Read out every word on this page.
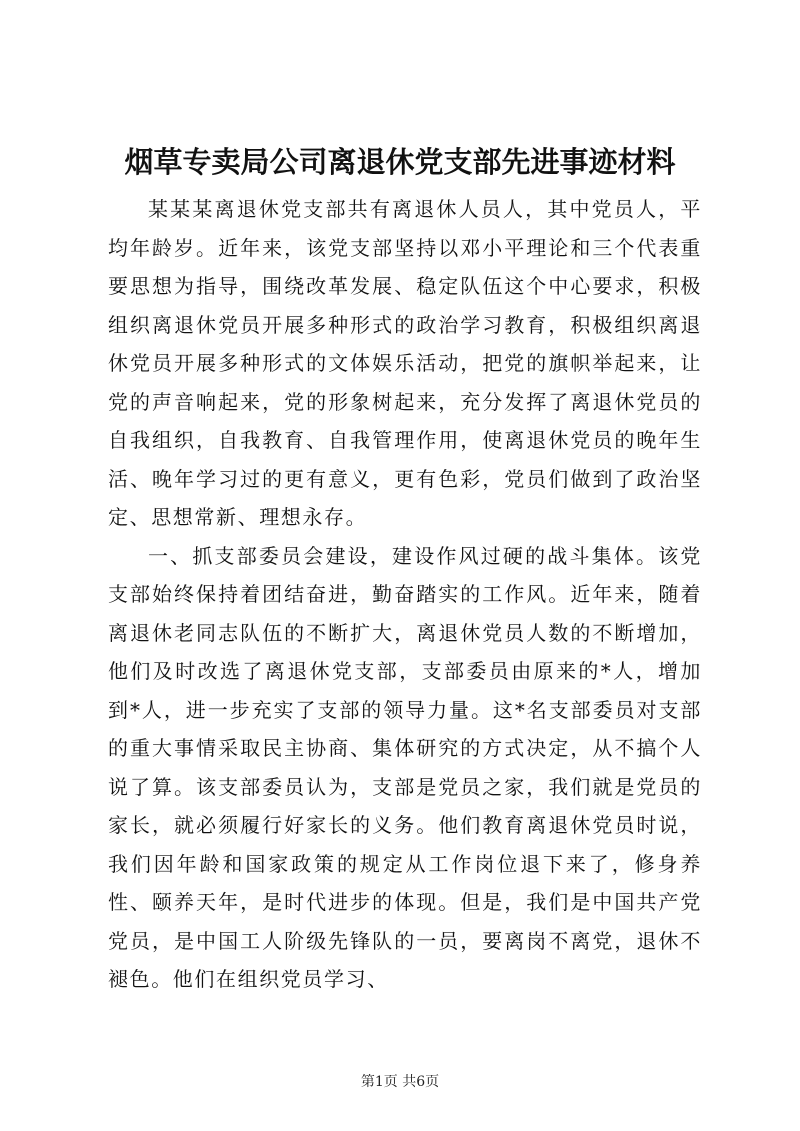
烟草专卖局公司离退休党支部先进事迹材料

某某某离退休党支部共有离退休人员人，其中党员人，平均年龄岁。近年来，该党支部坚持以邓小平理论和三个代表重要思想为指导，围绕改革发展、稳定队伍这个中心要求，积极组织离退休党员开展多种形式的政治学习教育，积极组织离退休党员开展多种形式的文体娱乐活动，把党的旗帜举起来，让党的声音响起来，党的形象树起来，充分发挥了离退休党员的自我组织，自我教育、自我管理作用，使离退休党员的晚年生活、晚年学习过的更有意义，更有色彩，党员们做到了政治坚定、思想常新、理想永存。

一、抓支部委员会建设，建设作风过硬的战斗集体。该党支部始终保持着团结奋进，勤奋踏实的工作风。近年来，随着离退休老同志队伍的不断扩大，离退休党员人数的不断增加，他们及时改选了离退休党支部，支部委员由原来的*人，增加到*人，进一步充实了支部的领导力量。这*名支部委员对支部的重大事情采取民主协商、集体研究的方式决定，从不搞个人说了算。该支部委员认为，支部是党员之家，我们就是党员的家长，就必须履行好家长的义务。他们教育离退休党员时说，我们因年龄和国家政策的规定从工作岗位退下来了，修身养性、颐养天年，是时代进步的体现。但是，我们是中国共产党党员，是中国工人阶级先锋队的一员，要离岗不离党，退休不褪色。他们在组织党员学习、

第1页 共6页
